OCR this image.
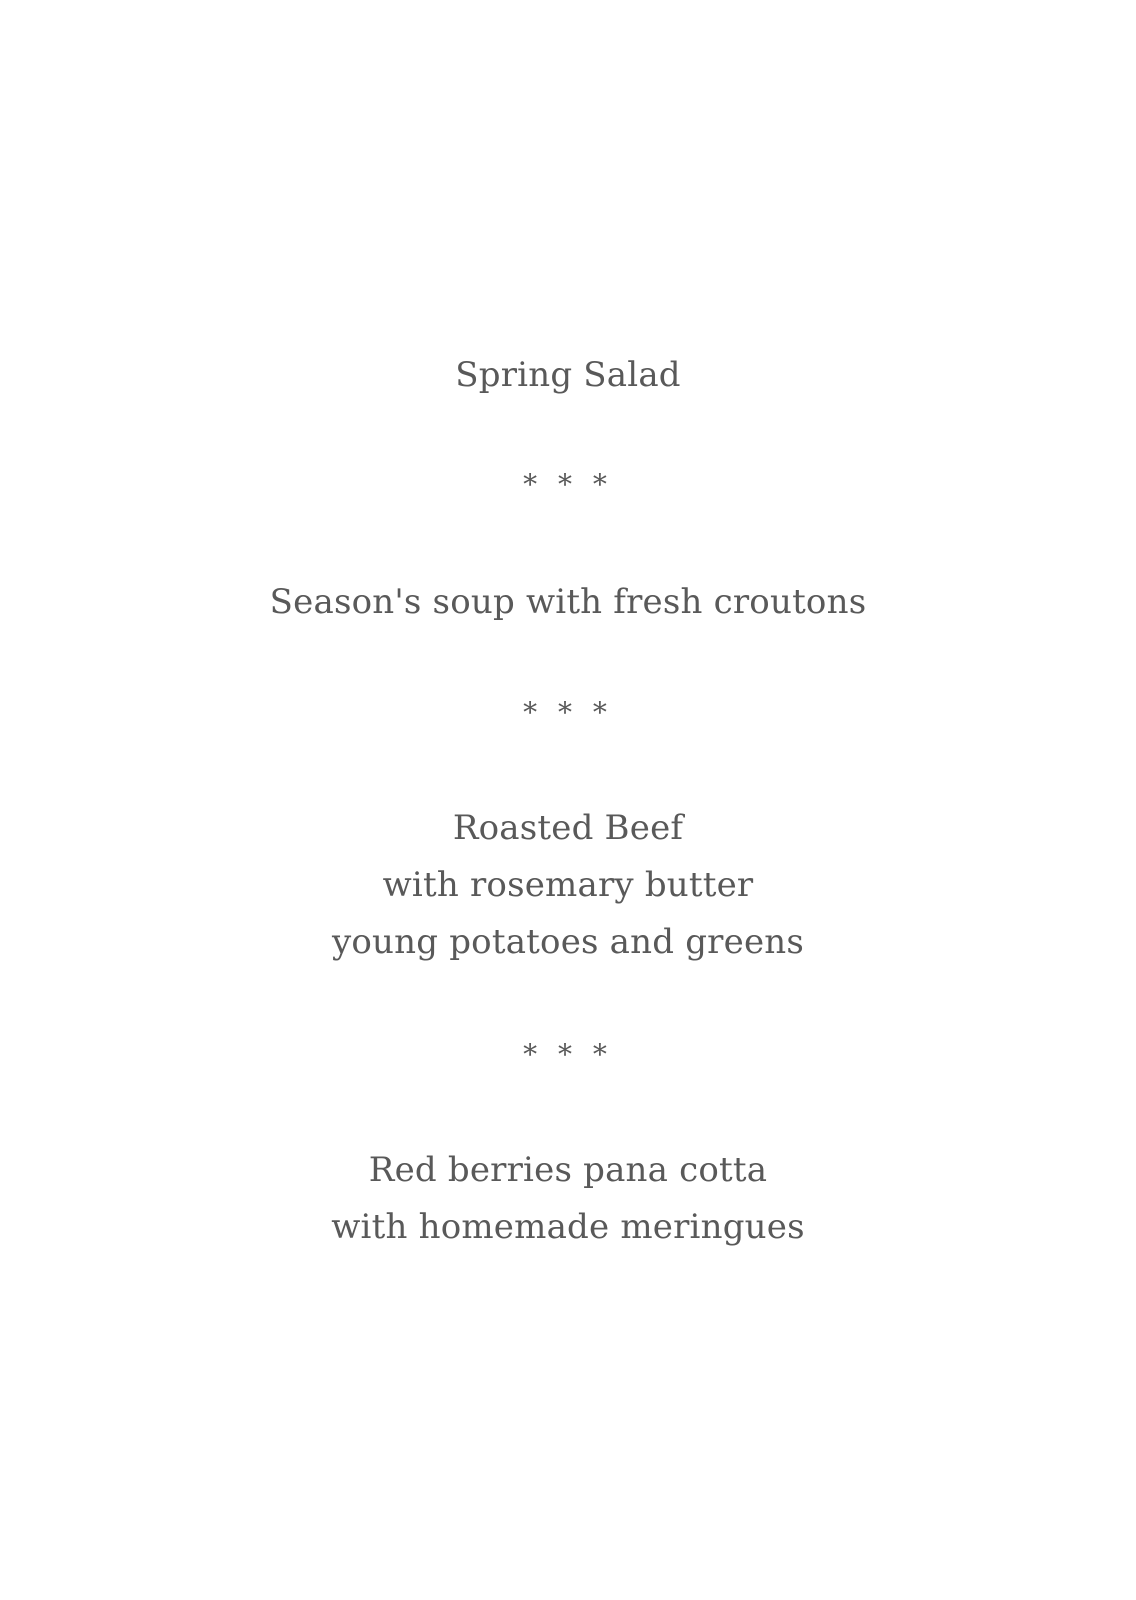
Spring Salad
* * *
Season's soup with fresh croutons
* * *
Roasted Beef
with rosemary butter
young potatoes and greens
* * *
Red berries pana cotta
with homemade meringues
